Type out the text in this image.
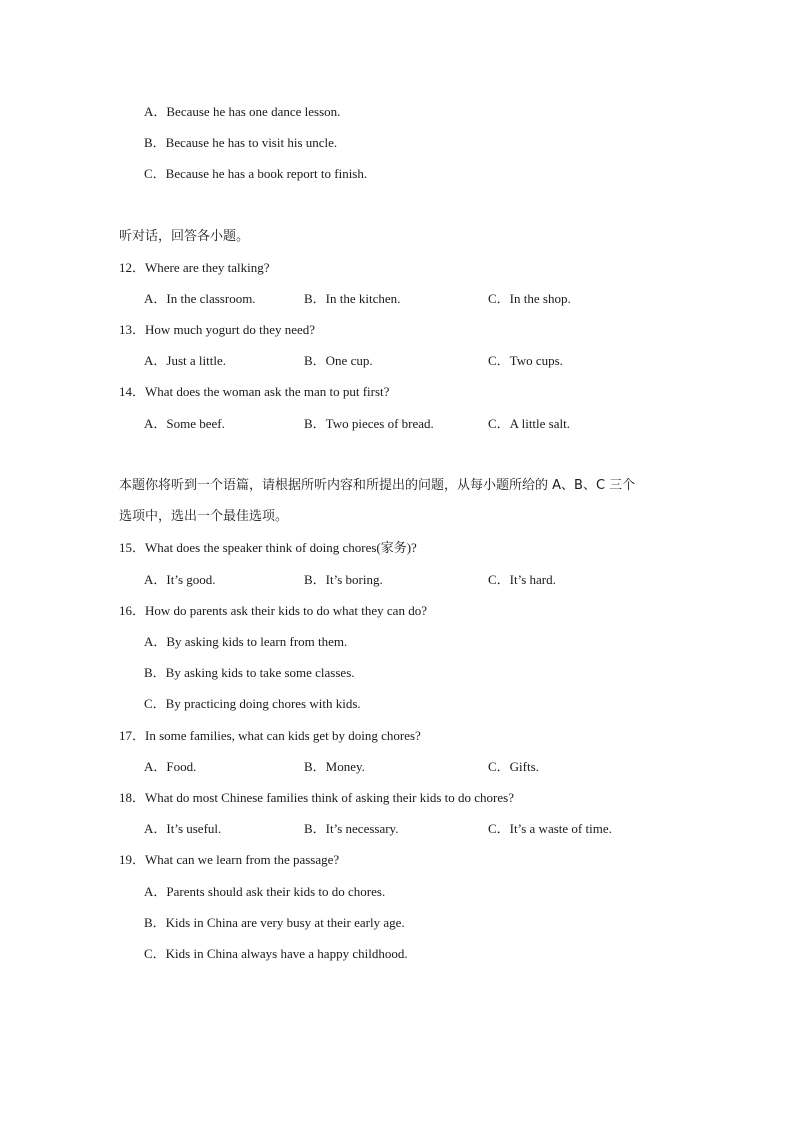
A．Because he has one dance lesson.
B．Because he has to visit his uncle.
C．Because he has a book report to finish.
听对话，回答各小题。
12．Where are they talking?
A．In the classroom.	B．In the kitchen.	C．In the shop.
13．How much yogurt do they need?
A．Just a little.	B．One cup.	C．Two cups.
14．What does the woman ask the man to put first?
A．Some beef.	B．Two pieces of bread.	C．A little salt.
本题你将听到一个语篇，请根据所听内容和所提出的问题，从每小题所给的 A、B、C 三个
选项中，选出一个最佳选项。
15．What does the speaker think of doing chores(家务)?
A．It’s good.	B．It’s boring.	C．It’s hard.
16．How do parents ask their kids to do what they can do?
A．By asking kids to learn from them.
B．By asking kids to take some classes.
C．By practicing doing chores with kids.
17．In some families, what can kids get by doing chores?
A．Food.	B．Money.	C．Gifts.
18．What do most Chinese families think of asking their kids to do chores?
A．It’s useful.	B．It’s necessary.	C．It’s a waste of time.
19．What can we learn from the passage?
A．Parents should ask their kids to do chores.
B．Kids in China are very busy at their early age.
C．Kids in China always have a happy childhood.
